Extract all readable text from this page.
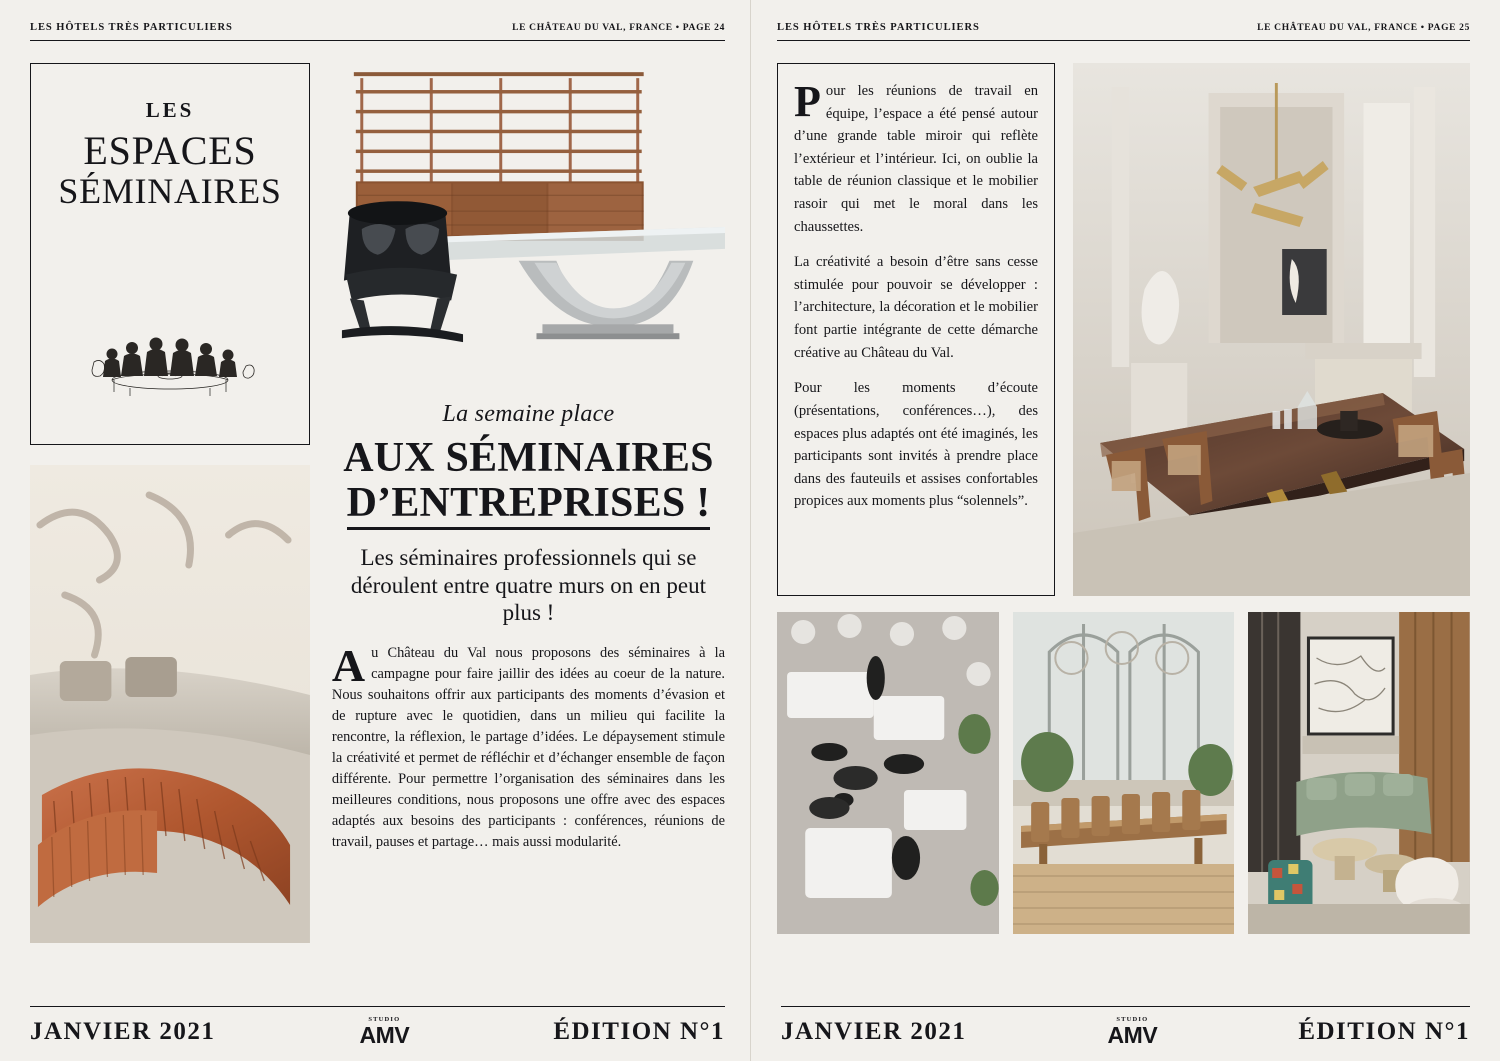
LES HÔTELS TRÈS PARTICULIERS	LE CHÂTEAU DU VAL, FRANCE • PAGE 24
LES
ESPACES
SÉMINAIRES
La semaine place
AUX SÉMINAIRES
D’ENTREPRISES !
Les séminaires professionnels qui se déroulent entre quatre murs on en peut plus !
Au Château du Val nous proposons des séminaires à la campagne pour faire jaillir des idées au coeur de la nature. Nous souhaitons offrir aux participants des moments d’évasion et de rupture avec le quotidien, dans un milieu qui facilite la rencontre, la réflexion, le partage d’idées. Le dépaysement stimule la créativité et permet de réfléchir et d’échanger ensemble de façon différente. Pour permettre l’organisation des séminaires dans les meilleures conditions, nous proposons une offre avec des espaces adaptés aux besoins des participants : conférences, réunions de travail, pauses et partage… mais aussi modularité.
JANVIER 2021	STUDIO
AMV	ÉDITION N°1
LES HÔTELS TRÈS PARTICULIERS	LE CHÂTEAU DU VAL, FRANCE • PAGE 25

Pour les réunions de travail en équipe, l’espace a été pensé autour d’une grande table miroir qui reflète l’extérieur et l’intérieur. Ici, on oublie la table de réunion classique et le mobilier rasoir qui met le moral dans les chaussettes.

La créativité a besoin d’être sans cesse stimulée pour pouvoir se développer : l’architecture, la décoration et le mobilier font partie intégrante de cette démarche créative au Château du Val.

Pour les moments d’écoute (présentations, conférences…), des espaces plus adaptés ont été imaginés, les participants sont invités à prendre place dans des fauteuils et assises confortables propices aux moments plus “solennels”.

JANVIER 2021	STUDIO
AMV	ÉDITION N°1
